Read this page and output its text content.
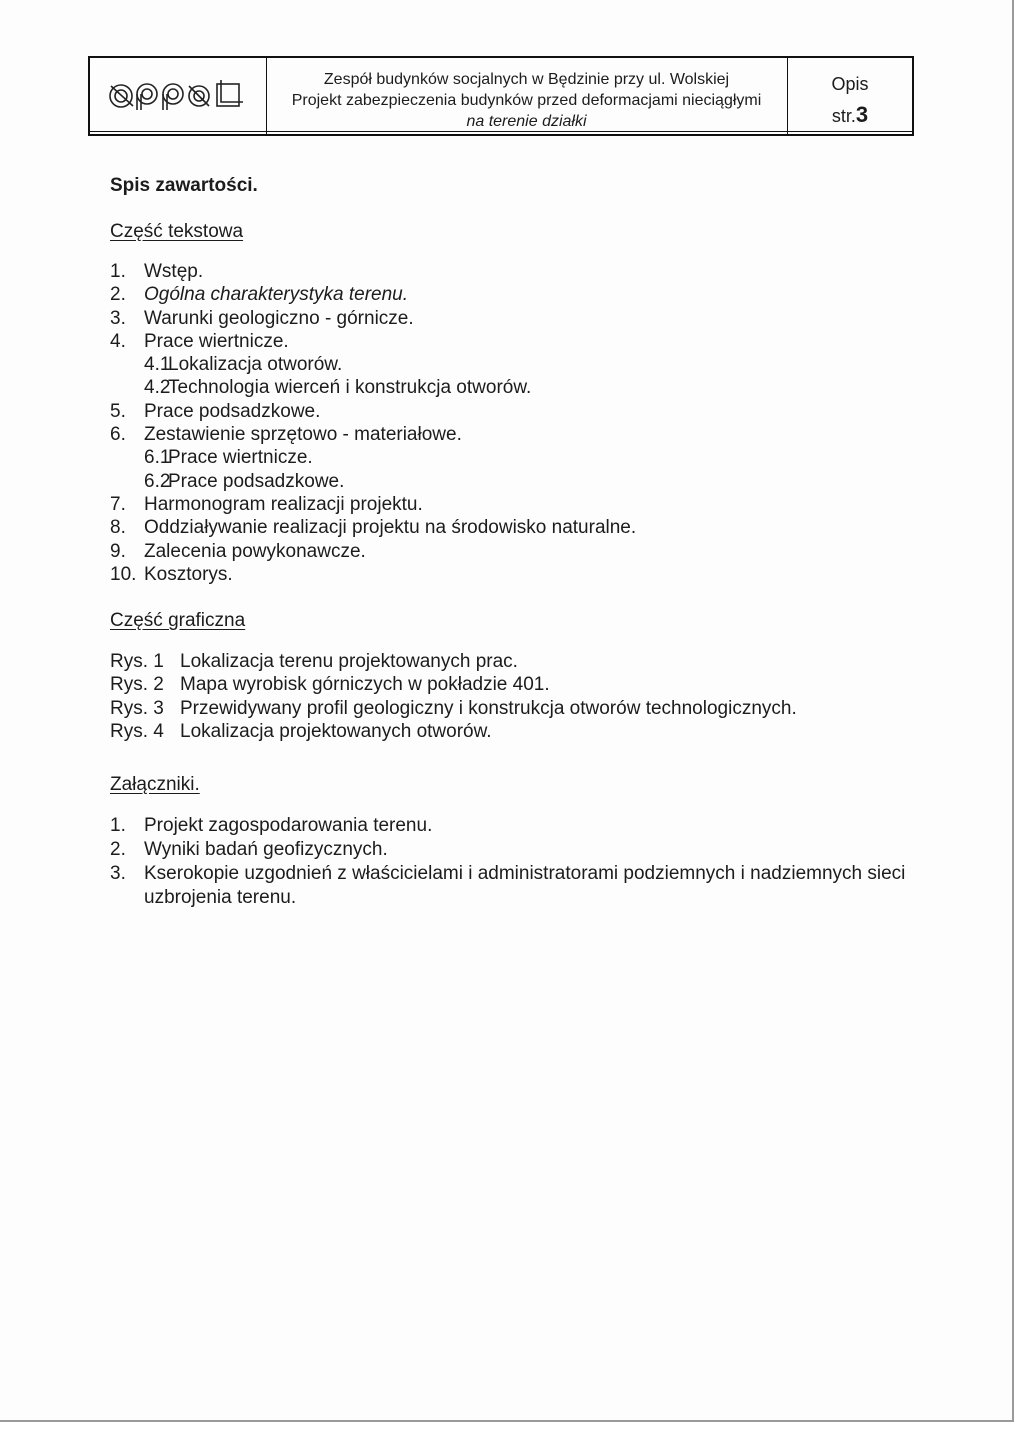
Zespół budynków socjalnych w Będzinie przy ul. Wolskiej
Projekt zabezpieczenia budynków przed deformacjami nieciągłymi
na terenie działki
Opis
str.3
Spis zawartości.
Część tekstowa
1. Wstęp.
2. Ogólna charakterystyka terenu.
3. Warunki geologiczno - górnicze.
4. Prace wiertnicze.
4.1Lokalizacja otworów.
4.2Technologia wierceń i konstrukcja otworów.
5. Prace podsadzkowe.
6. Zestawienie sprzętowo - materiałowe.
6.1Prace wiertnicze.
6.2Prace podsadzkowe.
7. Harmonogram realizacji projektu.
8. Oddziaływanie realizacji projektu na środowisko naturalne.
9. Zalecenia powykonawcze.
10. Kosztorys.
Część graficzna
Rys. 1 Lokalizacja terenu projektowanych prac.
Rys. 2 Mapa wyrobisk górniczych w pokładzie 401.
Rys. 3 Przewidywany profil geologiczny i konstrukcja otworów technologicznych.
Rys. 4 Lokalizacja projektowanych otworów.
Załączniki.
1. Projekt zagospodarowania terenu.
2. Wyniki badań geofizycznych.
3. Kserokopie uzgodnień z właścicielami i administratorami podziemnych i nadziemnych sieci uzbrojenia terenu.
